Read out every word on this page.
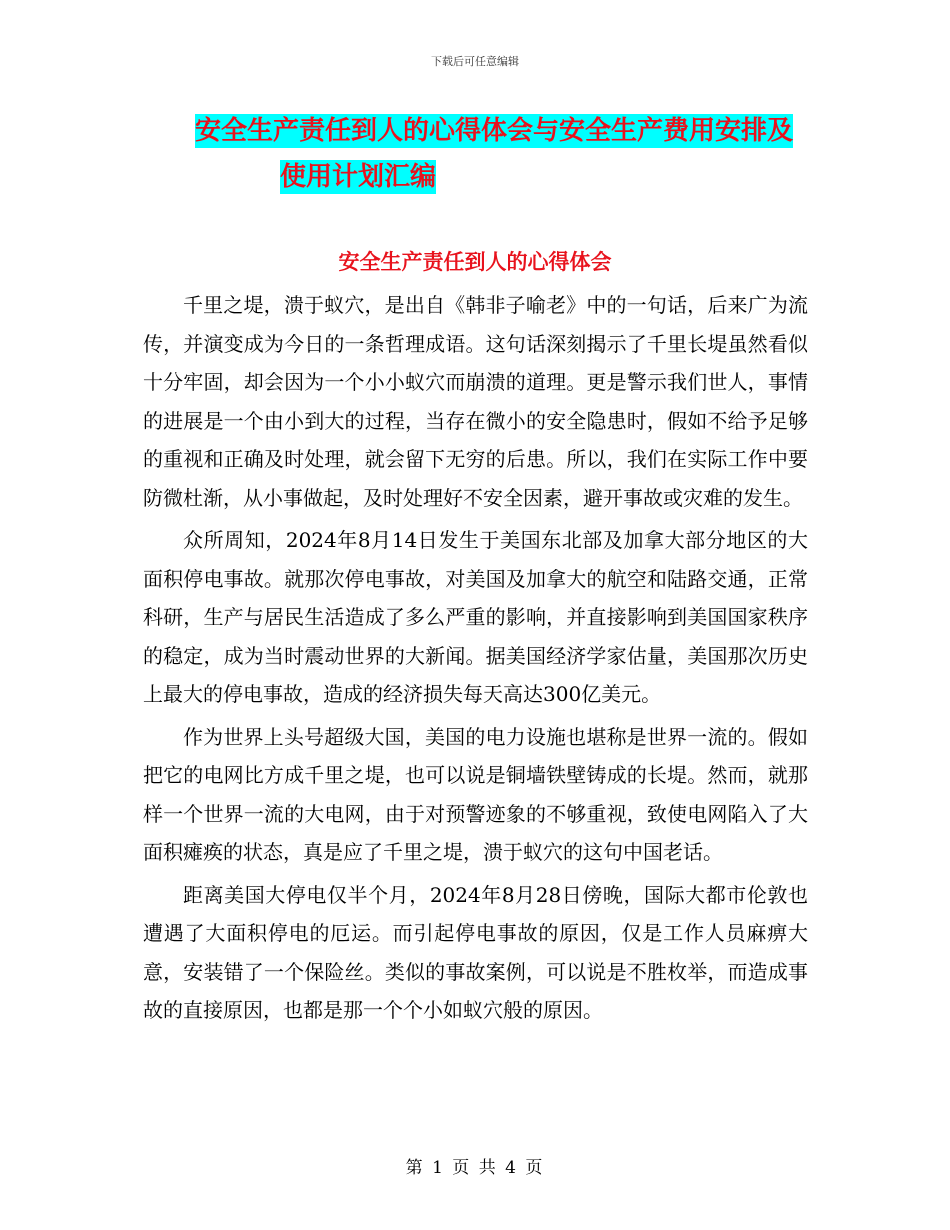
下载后可任意编辑
安全生产责任到人的心得体会与安全生产费用安排及

使用计划汇编
安全生产责任到人的心得体会

千里之堤，溃于蚁穴，是出自《韩非子喻老》中的一句话，后来广为流传，并演变成为今日的一条哲理成语。这句话深刻揭示了千里长堤虽然看似十分牢固，却会因为一个小小蚁穴而崩溃的道理。更是警示我们世人，事情的进展是一个由小到大的过程，当存在微小的安全隐患时，假如不给予足够的重视和正确及时处理，就会留下无穷的后患。所以，我们在实际工作中要防微杜渐，从小事做起，及时处理好不安全因素，避开事故或灾难的发生。

众所周知，2024年8月14日发生于美国东北部及加拿大部分地区的大面积停电事故。就那次停电事故，对美国及加拿大的航空和陆路交通，正常科研，生产与居民生活造成了多么严重的影响，并直接影响到美国国家秩序的稳定，成为当时震动世界的大新闻。据美国经济学家估量，美国那次历史上最大的停电事故，造成的经济损失每天高达300亿美元。

作为世界上头号超级大国，美国的电力设施也堪称是世界一流的。假如把它的电网比方成千里之堤，也可以说是铜墙铁壁铸成的长堤。然而，就那样一个世界一流的大电网，由于对预警迹象的不够重视，致使电网陷入了大面积瘫痪的状态，真是应了千里之堤，溃于蚁穴的这句中国老话。

距离美国大停电仅半个月，2024年8月28日傍晚，国际大都市伦敦也遭遇了大面积停电的厄运。而引起停电事故的原因，仅是工作人员麻痹大意，安装错了一个保险丝。类似的事故案例，可以说是不胜枚举，而造成事故的直接原因，也都是那一个个小如蚁穴般的原因。

第 1 页 共 4 页
